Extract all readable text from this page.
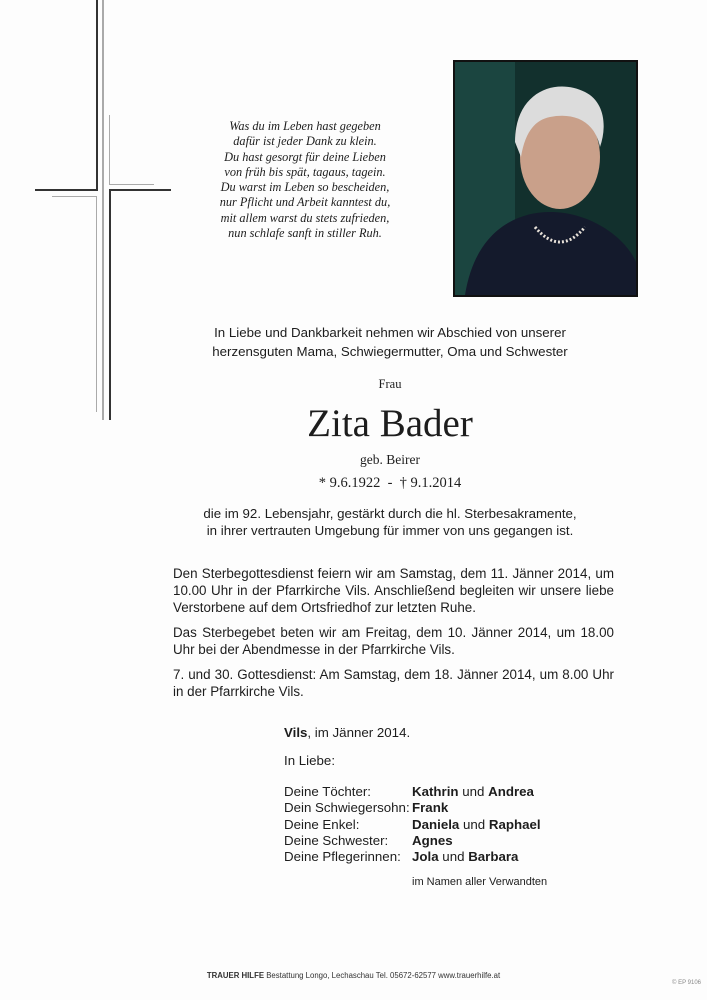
Was du im Leben hast gegeben
dafür ist jeder Dank zu klein.
Du hast gesorgt für deine Lieben
von früh bis spät, tagaus, tagein.
Du warst im Leben so bescheiden,
nur Pflicht und Arbeit kanntest du,
mit allem warst du stets zufrieden,
nun schlafe sanft in stiller Ruh.
In Liebe und Dankbarkeit nehmen wir Abschied von unserer
herzensguten Mama, Schwiegermutter, Oma und Schwester
Frau
Zita Bader
geb. Beirer
* 9.6.1922  -  † 9.1.2014
die im 92. Lebensjahr, gestärkt durch die hl. Sterbesakramente,
in ihrer vertrauten Umgebung für immer von uns gegangen ist.

Den Sterbegottesdienst feiern wir am Samstag, dem 11. Jänner 2014, um 10.00 Uhr in der Pfarrkirche Vils. Anschließend begleiten wir unsere liebe Verstorbene auf dem Ortsfriedhof zur letzten Ruhe.

Das Sterbegebet beten wir am Freitag, dem 10. Jänner 2014, um 18.00 Uhr bei der Abendmesse in der Pfarrkirche Vils.

7. und 30. Gottesdienst: Am Samstag, dem 18. Jänner 2014, um 8.00 Uhr in der Pfarrkirche Vils.

Vils, im Jänner 2014.
In Liebe:
Deine Töchter:	Kathrin und Andrea
Dein Schwiegersohn: Frank
Deine Enkel:	Daniela und Raphael
Deine Schwester:	Agnes
Deine Pflegerinnen: Jola und Barbara
im Namen aller Verwandten
TRAUER HILFE Bestattung Longo, Lechaschau Tel. 05672-62577 www.trauerhilfe.at
© EP 9106
